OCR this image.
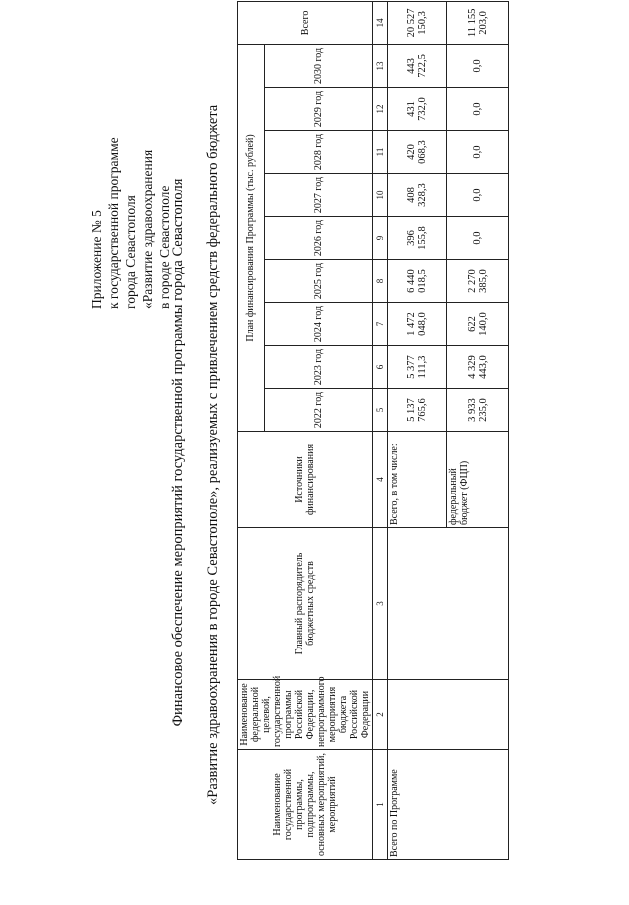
Приложение № 5 к государственной программе города Севастополя «Развитие здравоохранения в городе Севастополе
Финансовое обеспечение мероприятий государственной программы города Севастополя «Развитие здравоохранения в городе Севастополе», реализуемых с привлечением средств федерального бюджета	Наименование государственной программы, подпрограммы, основных мероприятий, мероприятий	Наименование федеральной целевой, государственной программы Российской Федерации, непрограммного мероприятия бюджета Российской Федерации	Главный распорядитель бюджетных средств	Источники финансирования	План финансирования Программы (тыс. рублей)									Всего
				2022 год	2023 год	2024 год	2025 год	2026 год	2027 год	2028 год	2029 год	2030 год	
1	2	3	4	5	6	7	8	9	10	11	12	13	14
Всего по Программе			Всего, в том числе:	5 137 765,6	5 377 111,3	1 472 048,0	6 440 018,5	396 155,8	408 328,3	420 068,3	431 732,0	443 722,5	20 527 150,3
			федеральный бюджет (ФЦП)	3 933 235,0	4 329 443,0	622 140,0	2 270 385,0	0,0	0,0	0,0	0,0	0,0	11 155 203,0
